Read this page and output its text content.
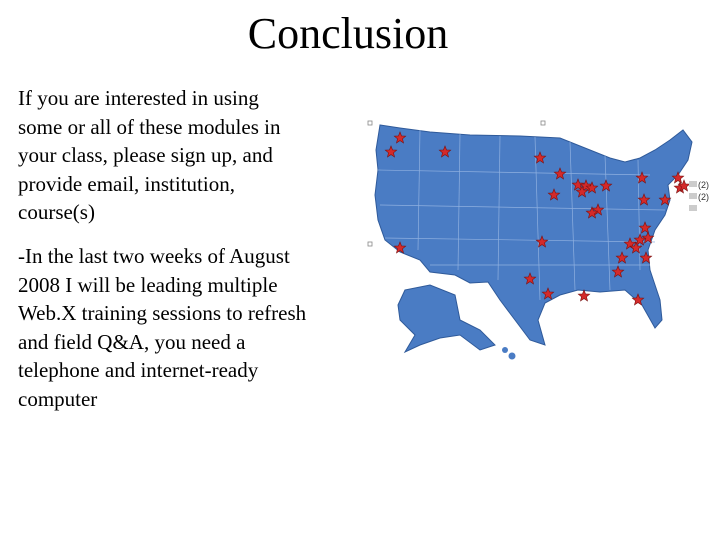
Conclusion
If you are interested in using
some or all of these modules in
your class, please sign up, and
provide email, institution,
course(s)
-In the last two weeks of August
2008 I will be leading multiple
Web.X training sessions to refresh
and field Q&A, you need a
telephone and internet-ready
computer
(2)
(2)
